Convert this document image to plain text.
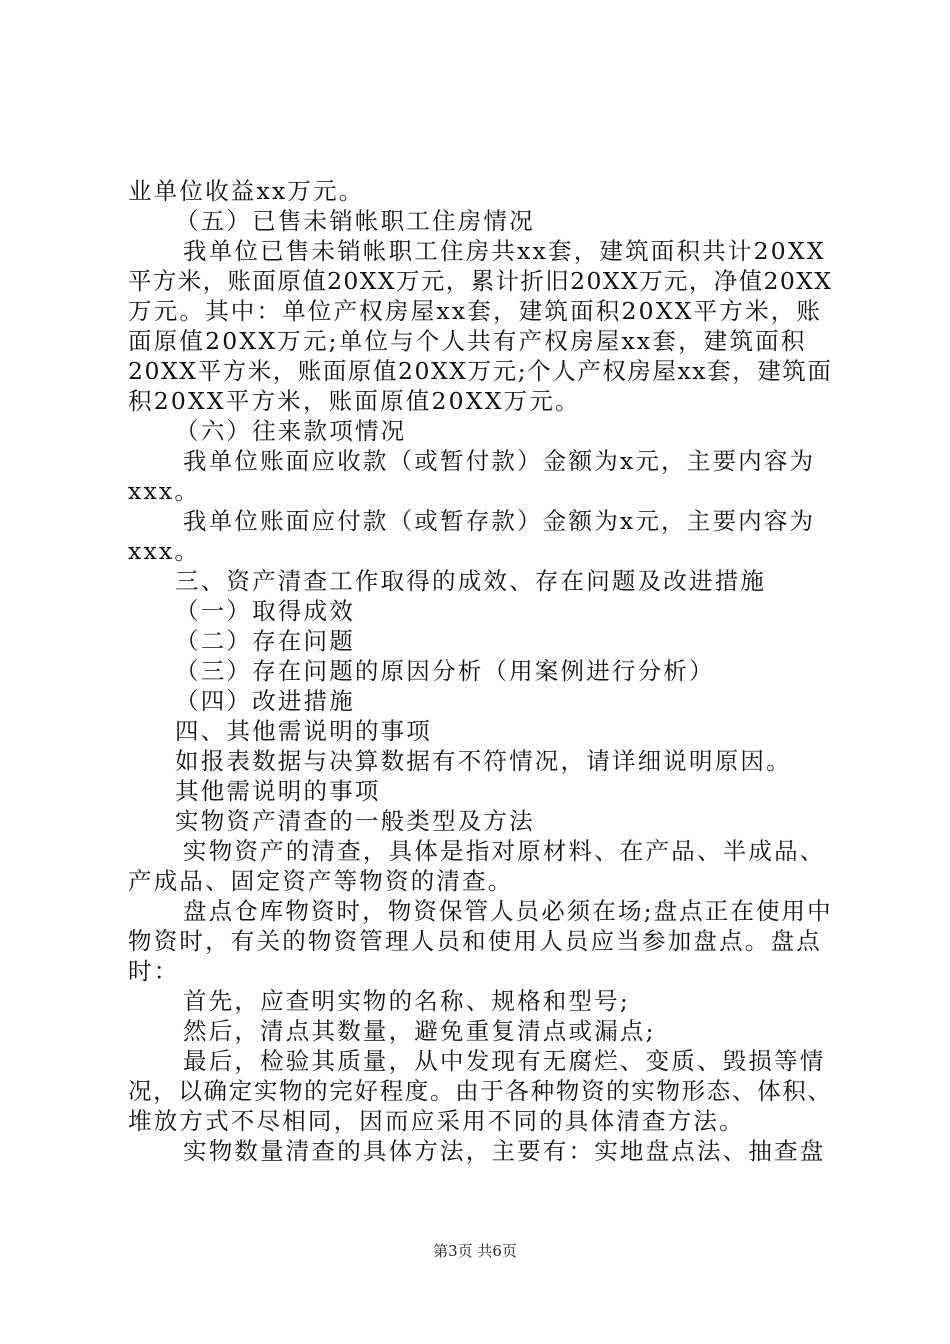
业单位收益xx万元。
（五）已售未销帐职工住房情况
我单位已售未销帐职工住房共xx套，建筑面积共计20XX
平方米，账面原值20XX万元，累计折旧20XX万元，净值20XX
万元。其中：单位产权房屋xx套，建筑面积20XX平方米，账
面原值20XX万元;单位与个人共有产权房屋xx套，建筑面积
20XX平方米，账面原值20XX万元;个人产权房屋xx套，建筑面
积20XX平方米，账面原值20XX万元。
（六）往来款项情况
我单位账面应收款（或暂付款）金额为x元，主要内容为
xxx。
我单位账面应付款（或暂存款）金额为x元，主要内容为
xxx。
三、资产清查工作取得的成效、存在问题及改进措施
（一）取得成效
（二）存在问题
（三）存在问题的原因分析（用案例进行分析）
（四）改进措施
四、其他需说明的事项
如报表数据与决算数据有不符情况，请详细说明原因。
其他需说明的事项
实物资产清查的一般类型及方法
实物资产的清查，具体是指对原材料、在产品、半成品、
产成品、固定资产等物资的清查。
盘点仓库物资时，物资保管人员必须在场;盘点正在使用中
物资时，有关的物资管理人员和使用人员应当参加盘点。盘点
时：
首先，应查明实物的名称、规格和型号;
然后，清点其数量，避免重复清点或漏点;
最后，检验其质量，从中发现有无腐烂、变质、毁损等情
况，以确定实物的完好程度。由于各种物资的实物形态、体积、
堆放方式不尽相同，因而应采用不同的具体清查方法。
实物数量清查的具体方法，主要有：实地盘点法、抽查盘
第3页 共6页
